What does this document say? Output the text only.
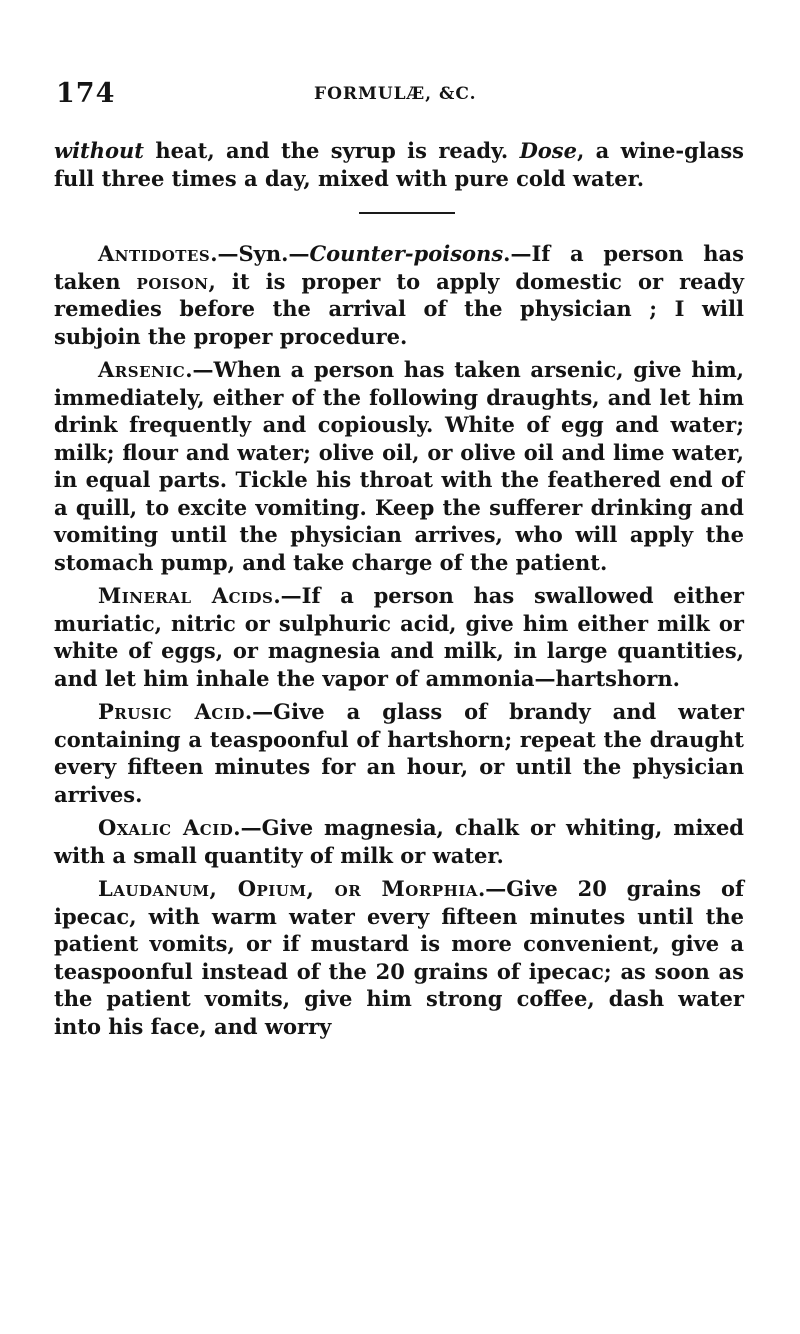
174	FORMULÆ, &C.

without heat, and the syrup is ready. Dose, a wine-glass full three times a day, mixed with pure cold water.

Antidotes.—Syn.—Counter-poisons.—If a person has taken poison, it is proper to apply domestic or ready remedies before the arrival of the physician ; I will subjoin the proper procedure.

Arsenic.—When a person has taken arsenic, give him, immediately, either of the following draughts, and let him drink frequently and copiously. White of egg and water; milk; flour and water; olive oil, or olive oil and lime water, in equal parts. Tickle his throat with the feathered end of a quill, to excite vomiting. Keep the sufferer drinking and vomiting until the physician arrives, who will apply the stomach pump, and take charge of the patient.

Mineral Acids.—If a person has swallowed either muriatic, nitric or sulphuric acid, give him either milk or white of eggs, or magnesia and milk, in large quantities, and let him inhale the vapor of ammonia—hartshorn.

Prusic Acid.—Give a glass of brandy and water containing a teaspoonful of hartshorn; repeat the draught every fifteen minutes for an hour, or until the physician arrives.

Oxalic Acid.—Give magnesia, chalk or whiting, mixed with a small quantity of milk or water.

Laudanum, Opium, or Morphia.—Give 20 grains of ipecac, with warm water every fifteen minutes until the patient vomits, or if mustard is more convenient, give a teaspoonful instead of the 20 grains of ipecac; as soon as the patient vomits, give him strong coffee, dash water into his face, and worry
